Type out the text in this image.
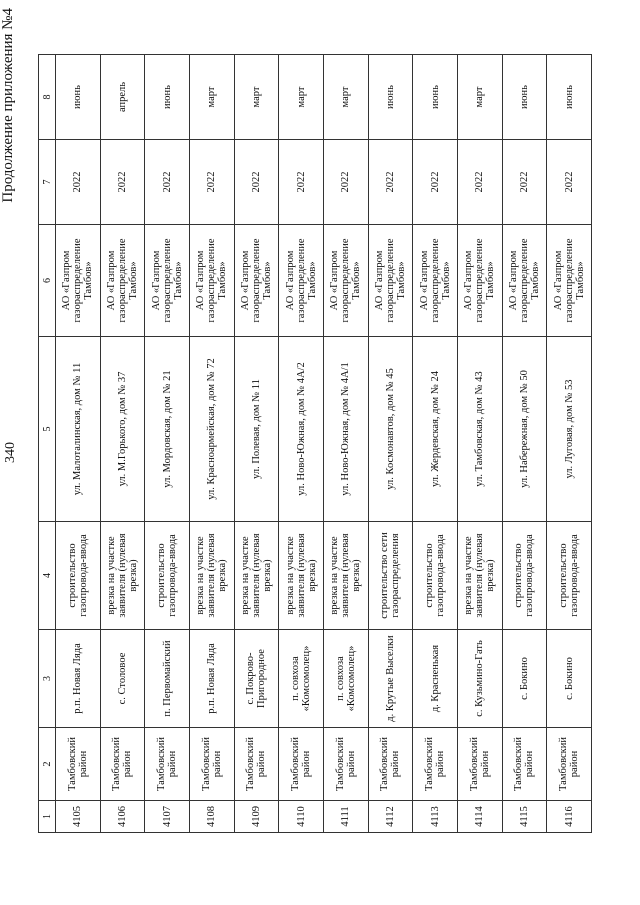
340
Продолжение приложения №4
1	2	3	4	5	6	7	8
4105	Тамбовский район	р.п. Новая Ляда	строительство газопровода-ввода	ул. Малоталинская, дом № 11	АО «Газпром газораспределение Тамбов»	2022	июнь
4106	Тамбовский район	с. Столовое	врезка на участке заявителя (нулевая врезка)	ул. М.Горького, дом № 37	АО «Газпром газораспределение Тамбов»	2022	апрель
4107	Тамбовский район	п. Первомайский	строительство газопровода-ввода	ул. Мордовская, дом № 21	АО «Газпром газораспределение Тамбов»	2022	июнь
4108	Тамбовский район	р.п. Новая Ляда	врезка на участке заявителя (нулевая врезка)	ул. Красноармейская, дом № 72	АО «Газпром газораспределение Тамбов»	2022	март
4109	Тамбовский район	с. Покрово-Пригородное	врезка на участке заявителя (нулевая врезка)	ул. Полевая, дом № 11	АО «Газпром газораспределение Тамбов»	2022	март
4110	Тамбовский район	п. совхоза «Комсомолец»	врезка на участке заявителя (нулевая врезка)	ул. Ново-Южная, дом № 4А/2	АО «Газпром газораспределение Тамбов»	2022	март
4111	Тамбовский район	п. совхоза «Комсомолец»	врезка на участке заявителя (нулевая врезка)	ул. Ново-Южная, дом № 4А/1	АО «Газпром газораспределение Тамбов»	2022	март
4112	Тамбовский район	д. Крутые Выселки	строительство сети газораспределения	ул. Космонавтов, дом № 45	АО «Газпром газораспределение Тамбов»	2022	июнь
4113	Тамбовский район	д. Красненькая	строительство газопровода-ввода	ул. Жердевская, дом № 24	АО «Газпром газораспределение Тамбов»	2022	июнь
4114	Тамбовский район	с. Кузьмино-Гать	врезка на участке заявителя (нулевая врезка)	ул. Тамбовская, дом № 43	АО «Газпром газораспределение Тамбов»	2022	март
4115	Тамбовский район	с. Бокино	строительство газопровода-ввода	ул. Набережная, дом № 50	АО «Газпром газораспределение Тамбов»	2022	июнь
4116	Тамбовский район	с. Бокино	строительство газопровода-ввода	ул. Луговая, дом № 53	АО «Газпром газораспределение Тамбов»	2022	июнь
